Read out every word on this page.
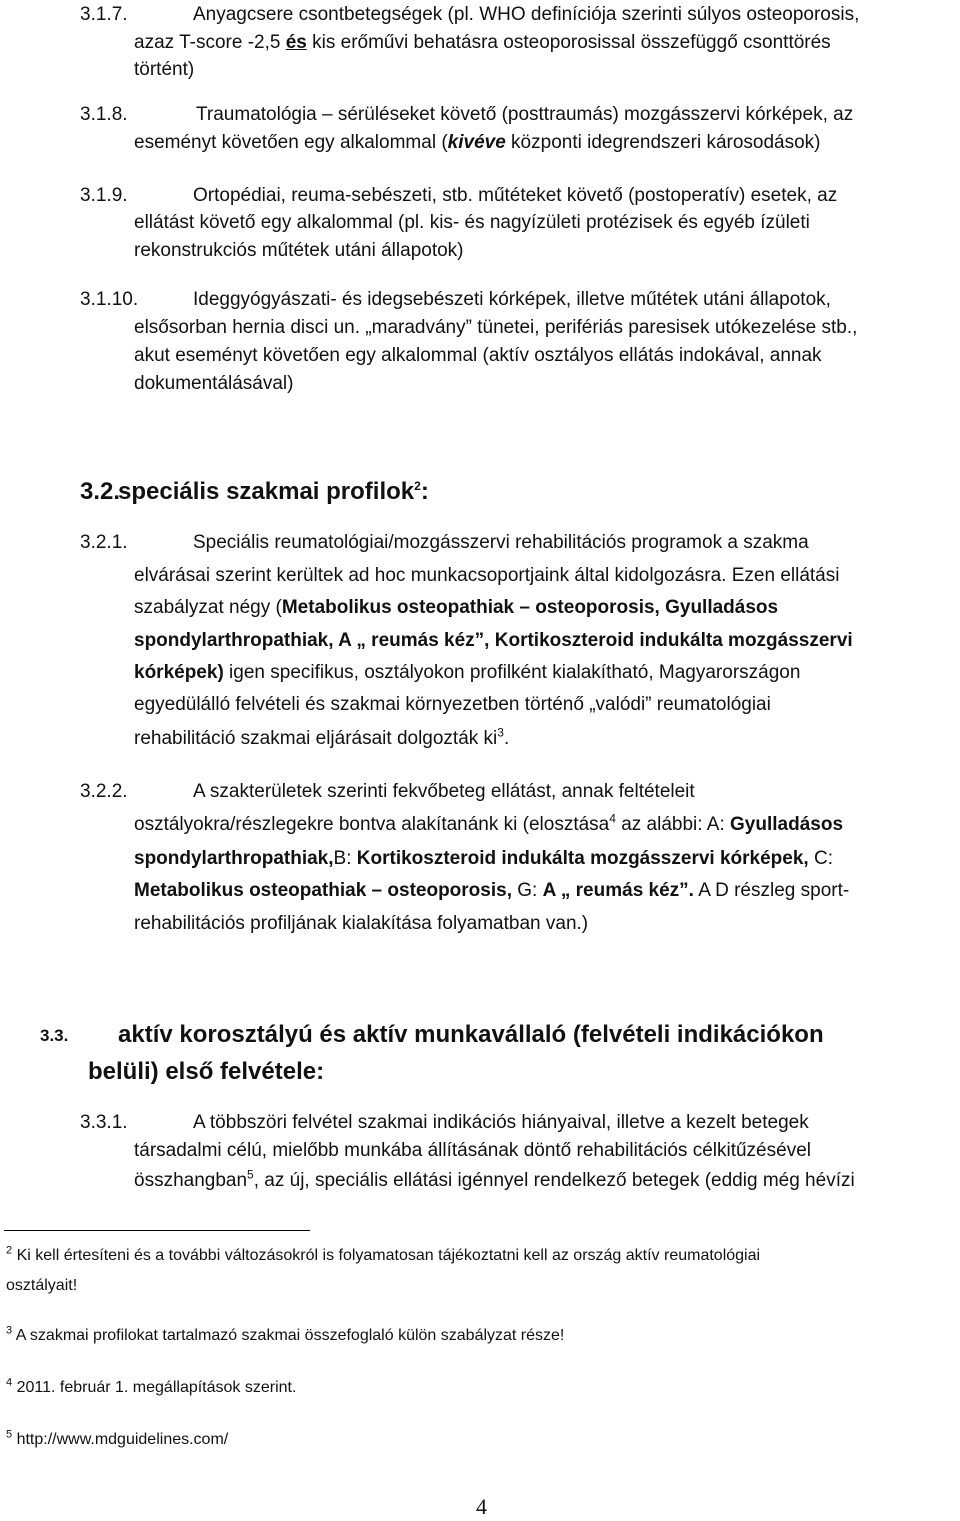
3.1.7.	Anyagcsere csontbetegségek (pl. WHO definíciója szerinti súlyos osteoporosis,
azaz T-score -2,5 és kis erőművi behatásra osteoporosissal összefüggő csonttörés
történt)
3.1.8.	Traumatológia – sérüléseket követő (posttraumás) mozgásszervi kórképek, az
eseményt követően egy alkalommal (kivéve központi idegrendszeri károsodások)
3.1.9.	Ortopédiai, reuma-sebészeti, stb. műtéteket követő (postoperatív) esetek, az
ellátást követő egy alkalommal (pl. kis- és nagyízületi protézisek és egyéb ízületi
rekonstrukciós műtétek utáni állapotok)
3.1.10.	Ideggyógyászati- és idegsebészeti kórképek, illetve műtétek utáni állapotok,
elsősorban hernia disci un. „maradvány” tünetei, perifériás paresisek utókezelése stb.,
akut eseményt követően egy alkalommal (aktív osztályos ellátás indokával, annak
dokumentálásával)
3.2.
speciális szakmai profilok$^2$:
3.2.1.	Speciális reumatológiai/mozgásszervi rehabilitációs programok a szakma
elvárásai szerint kerültek ad hoc munkacsoportjaink által kidolgozásra. Ezen ellátási
szabályzat négy (Metabolikus osteopathiak – osteoporosis, Gyulladásos
spondylarthropathiak, A „ reumás kéz”, Kortikoszteroid indukálta mozgásszervi
kórképek) igen specifikus, osztályokon profilként kialakítható, Magyarországon
egyedülálló felvételi és szakmai környezetben történő „valódi” reumatológiai
rehabilitáció szakmai eljárásait dolgozták $ki^3$.
3.2.2.	A szakterületek szerinti fekvőbeteg ellátást, annak feltételeit
osztályokra/részlegekre bontva alakítanánk ki (elosztása$^4$ az alábbi: A: Gyulladásos
spondylarthropathiak,B: Kortikoszteroid indukálta mozgásszervi kórképek, C:
Metabolikus osteopathiak – osteoporosis, G: A „ reumás kéz”. A D részleg sport-
rehabilitációs profiljának kialakítása folyamatban van.)
3.3. aktív korosztályú és aktív munkavállaló (felvételi indikációkon
belüli) első felvétele:
3.3.1.	A többszöri felvétel szakmai indikációs hiányaival, illetve a kezelt betegek
társadalmi célú, mielőbb munkába állításának döntő rehabilitációs célkitűzésével
összhangban$^5$, az új, speciális ellátási igénnyel rendelkező betegek (eddig még hévízi
$^2$ Ki kell értesíteni és a további változásokról is folyamatosan tájékoztatni kell az ország aktív reumatológiai
osztályait!
$^3$ A szakmai profilokat tartalmazó szakmai összefoglaló külön szabályzat része!
$^4$ 2011. február 1. megállapítások szerint.
$^5$ http://www.mdguidelines.com/
4
